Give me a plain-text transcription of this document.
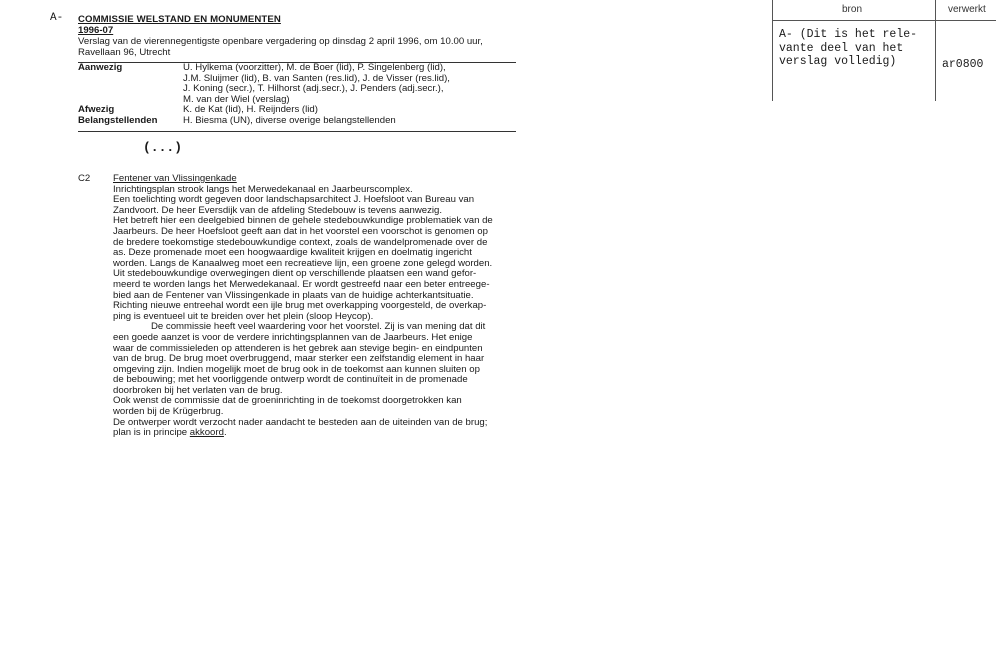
A- COMMISSIE WELSTAND EN MONUMENTEN
1996-07
Verslag van de vierennegentigste openbare vergadering op dinsdag 2 april 1996, om 10.00 uur,
Ravellaan 96, Utrecht
Aanwezig	U. Hylkema (voorzitter), M. de Boer (lid), P. Singelenberg (lid),
J.M. Sluijmer (lid), B. van Santen (res.lid), J. de Visser (res.lid),
J. Koning (secr.), T. Hilhorst (adj.secr.), J. Penders (adj.secr.),
M. van der Wiel (verslag)
Afwezig	K. de Kat (lid), H. Reijnders (lid)
Belangstellenden	H. Biesma (UN), diverse overige belangstellenden
(...)
C2 Fentener van Vlissingenkade
Inrichtingsplan strook langs het Merwedekanaal en Jaarbeurscomplex.
Een toelichting wordt gegeven door landschapsarchitect J. Hoefsloot van Bureau van
Zandvoort. De heer Eversdijk van de afdeling Stedebouw is tevens aanwezig.
Het betreft hier een deelgebied binnen de gehele stedebouwkundige problematiek van de
Jaarbeurs. De heer Hoefsloot geeft aan dat in het voorstel een voorschot is genomen op
de bredere toekomstige stedebouwkundige context, zoals de wandelpromenade over de
as. Deze promenade moet een hoogwaardige kwaliteit krijgen en doelmatig ingericht
worden. Langs de Kanaalweg moet een recreatieve lijn, een groene zone gelegd worden.
Uit stedebouwkundige overwegingen dient op verschillende plaatsen een wand gefor-
meerd te worden langs het Merwedekanaal. Er wordt gestreefd naar een beter entreege-
bied aan de Fentener van Vlissingenkade in plaats van de huidige achterkantsituatie.
Richting nieuwe entreehal wordt een ijle brug met overkapping voorgesteld, de overkap-
ping is eventueel uit te breiden over het plein (sloop Heycop).
De commissie heeft veel waardering voor het voorstel. Zij is van mening dat dit
een goede aanzet is voor de verdere inrichtingsplannen van de Jaarbeurs. Het enige
waar de commissieleden op attenderen is het gebrek aan stevige begin- en eindpunten
van de brug. De brug moet overbruggend, maar sterker een zelfstandig element in haar
omgeving zijn. Indien mogelijk moet de brug ook in de toekomst aan kunnen sluiten op
de bebouwing; met het voorliggende ontwerp wordt de continuïteit in de promenade
doorbroken bij het verlaten van de brug.
Ook wenst de commissie dat de groeninrichting in de toekomst doorgetrokken kan
worden bij de Krügerbrug.
De ontwerper wordt verzocht nader aandacht te besteden aan de uiteinden van de brug;
plan is in principe akkoord.
bron	verwerkt
A- (Dit is het rele-
vante deel van het
verslag volledig)	ar0800
